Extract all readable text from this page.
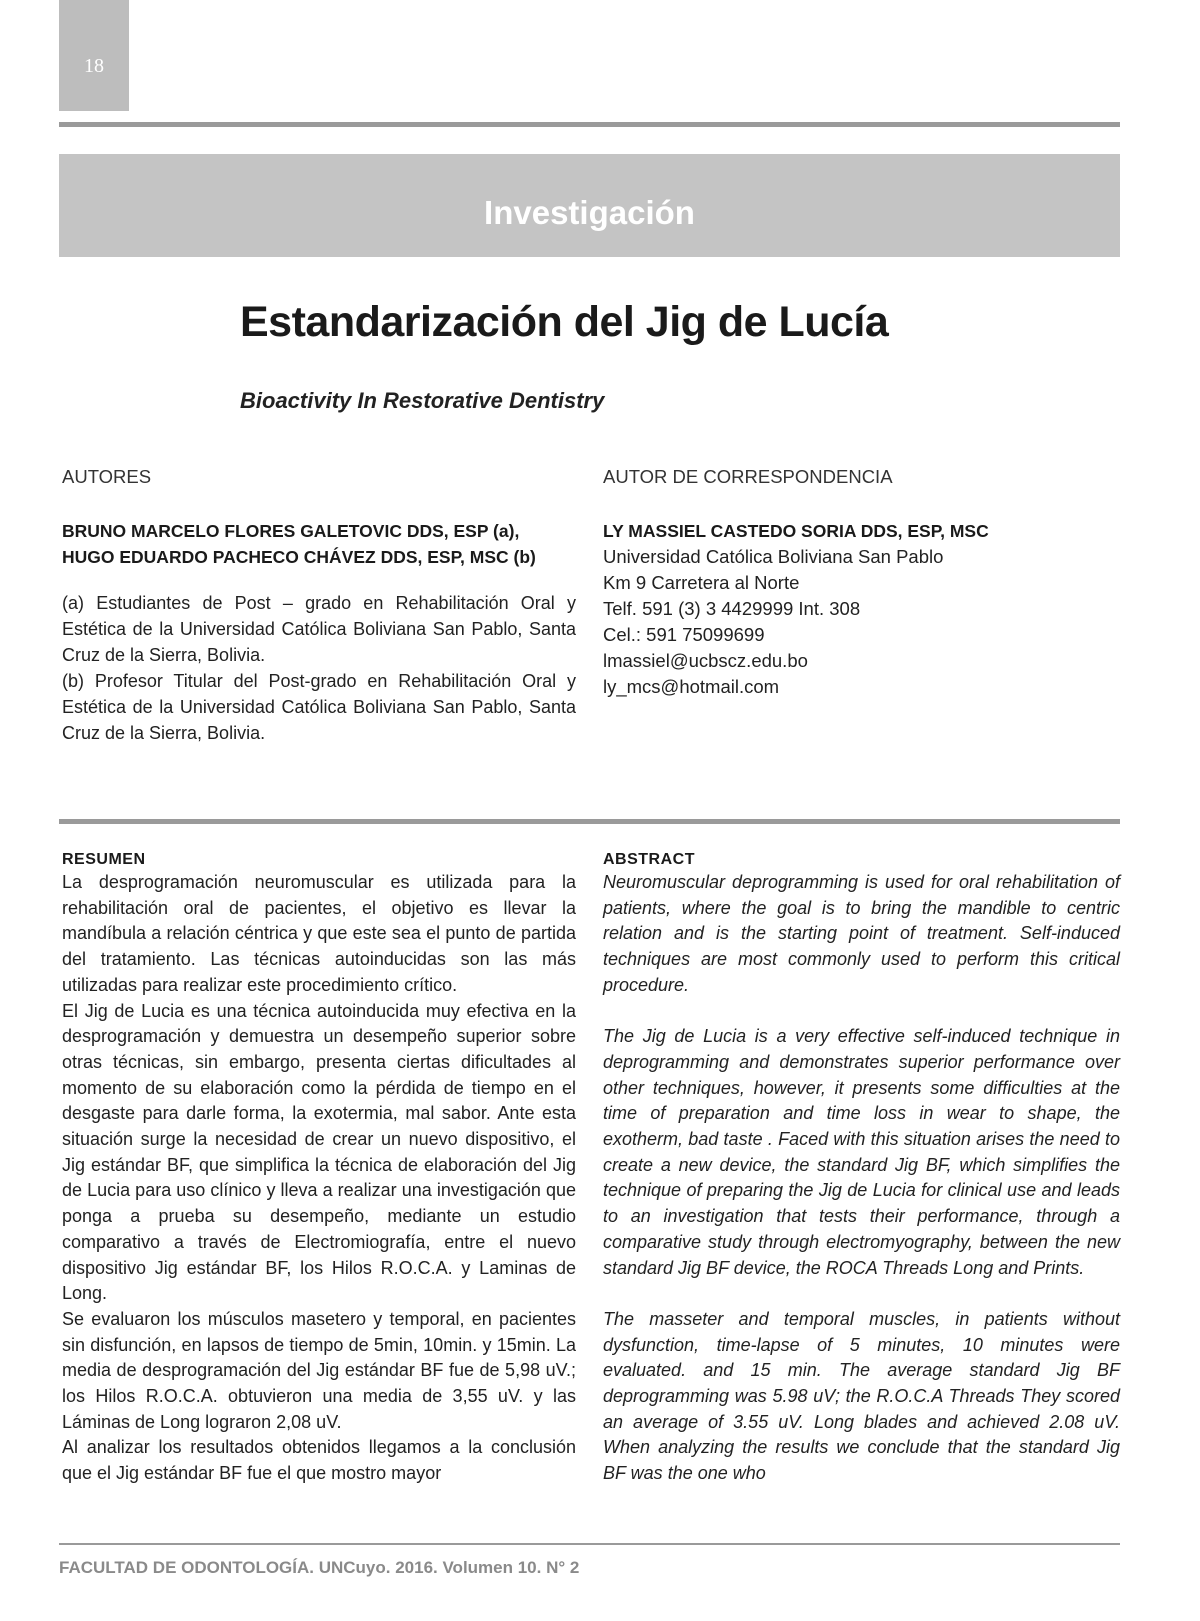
18
Investigación
Estandarización del Jig de Lucía
Bioactivity In Restorative Dentistry
AUTORES
BRUNO MARCELO FLORES GALETOVIC DDS, ESP (a),
HUGO EDUARDO PACHECO CHÁVEZ DDS, ESP, MSC (b)

(a) Estudiantes de Post – grado en Rehabilitación Oral y Estética de la Universidad Católica Boliviana San Pablo, Santa Cruz de la Sierra, Bolivia.

(b) Profesor Titular del Post-grado en Rehabilitación Oral y Estética de la Universidad Católica Boliviana San Pablo, Santa Cruz de la Sierra, Bolivia.

AUTOR DE CORRESPONDENCIA
LY MASSIEL CASTEDO SORIA DDS, ESP, MSC
Universidad Católica Boliviana San Pablo
Km 9 Carretera al Norte
Telf. 591 (3) 3 4429999 Int. 308
Cel.: 591 75099699
lmassiel@ucbscz.edu.bo
ly_mcs@hotmail.com
RESUMEN

La desprogramación neuromuscular es utilizada para la rehabilitación oral de pacientes, el objetivo es llevar la mandíbula a relación céntrica y que este sea el punto de partida del tratamiento. Las técnicas autoinducidas son las más utilizadas para realizar este procedimiento crítico.

El Jig de Lucia es una técnica autoinducida muy efectiva en la desprogramación y demuestra un desempeño superior sobre otras técnicas, sin embargo, presenta ciertas dificultades al momento de su elaboración como la pérdida de tiempo en el desgaste para darle forma, la exotermia, mal sabor. Ante esta situación surge la necesidad de crear un nuevo dispositivo, el Jig estándar BF, que simplifica la técnica de elaboración del Jig de Lucia para uso clínico y lleva a realizar una investigación que ponga a prueba su desempeño, mediante un estudio comparativo a través de Electromiografía, entre el nuevo dispositivo Jig estándar BF, los Hilos R.O.C.A. y Laminas de Long.

Se evaluaron los músculos masetero y temporal, en pacientes sin disfunción, en lapsos de tiempo de 5min, 10min. y 15min. La media de desprogramación del Jig estándar BF fue de 5,98 uV.; los Hilos R.O.C.A. obtuvieron una media de 3,55 uV. y las Láminas de Long lograron 2,08 uV.

Al analizar los resultados obtenidos llegamos a la conclusión que el Jig estándar BF fue el que mostro mayor

ABSTRACT

Neuromuscular deprogramming is used for oral rehabilitation of patients, where the goal is to bring the mandible to centric relation and is the starting point of treatment. Self-induced techniques are most commonly used to perform this critical procedure.

The Jig de Lucia is a very effective self-induced technique in deprogramming and demonstrates superior performance over other techniques, however, it presents some difficulties at the time of preparation and time loss in wear to shape, the exotherm, bad taste . Faced with this situation arises the need to create a new device, the standard Jig BF, which simplifies the technique of preparing the Jig de Lucia for clinical use and leads to an investigation that tests their performance, through a comparative study through electromyography, between the new standard Jig BF device, the ROCA Threads Long and Prints.

The masseter and temporal muscles, in patients without dysfunction, time-lapse of 5 minutes, 10 minutes were evaluated. and 15 min. The average standard Jig BF deprogramming was 5.98 uV; the R.O.C.A Threads They scored an average of 3.55 uV. Long blades and achieved 2.08 uV. When analyzing the results we conclude that the standard Jig BF was the one who

FACULTAD DE ODONTOLOGÍA. UNCuyo. 2016. Volumen 10. N° 2
